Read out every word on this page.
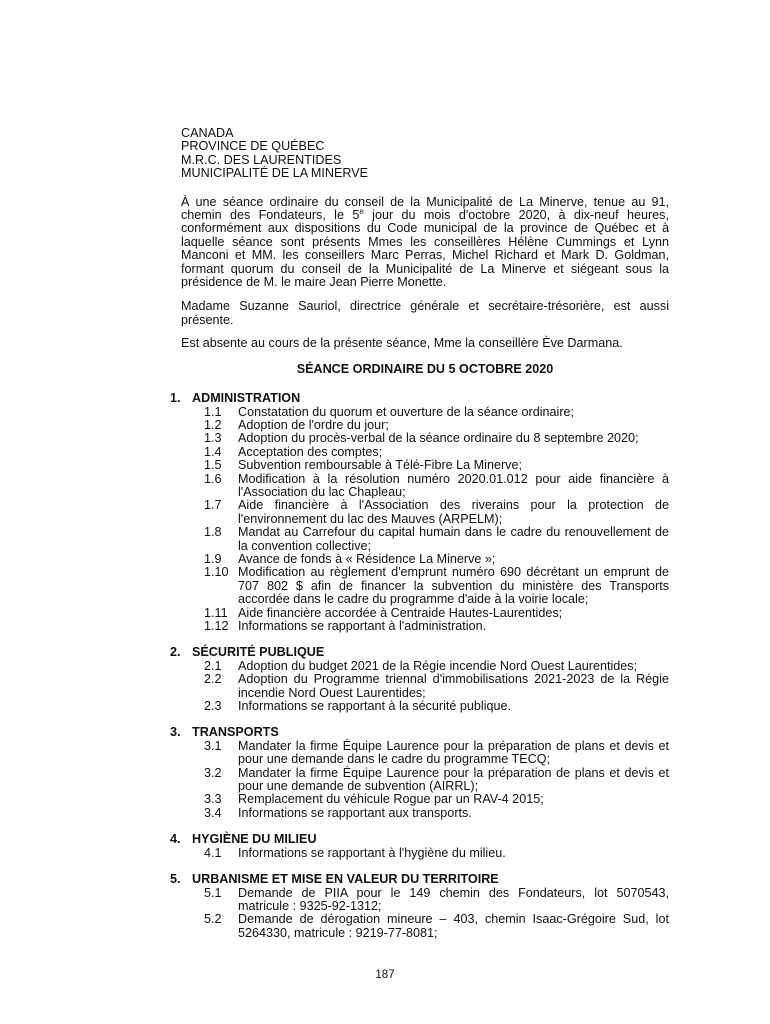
CANADA

PROVINCE DE QUÉBEC

M.R.C. DES LAURENTIDES

MUNICIPALITÉ DE LA MINERVE

À une séance ordinaire du conseil de la Municipalité de La Minerve, tenue au 91, chemin des Fondateurs, le 5e jour du mois d'octobre 2020, à dix-neuf heures, conformément aux dispositions du Code municipal de la province de Québec et à laquelle séance sont présents Mmes les conseillères Hélène Cummings et Lynn Manconi et MM. les conseillers Marc Perras, Michel Richard et Mark D. Goldman, formant quorum du conseil de la Municipalité de La Minerve et siégeant sous la présidence de M. le maire Jean Pierre Monette.

Madame Suzanne Sauriol, directrice générale et secrétaire-trésorière, est aussi présente.

Est absente au cours de la présente séance, Mme la conseillère Ève Darmana.

SÉANCE ORDINAIRE DU 5 OCTOBRE 2020

1. ADMINISTRATION
1.1 Constatation du quorum et ouverture de la séance ordinaire;
1.2 Adoption de l'ordre du jour;
1.3 Adoption du procès-verbal de la séance ordinaire du 8 septembre 2020;
1.4 Acceptation des comptes;
1.5 Subvention remboursable à Télé-Fibre La Minerve;
1.6 Modification à la résolution numéro 2020.01.012 pour aide financière à l'Association du lac Chapleau;
1.7 Aide financière à l'Association des riverains pour la protection de l'environnement du lac des Mauves (ARPELM);
1.8 Mandat au Carrefour du capital humain dans le cadre du renouvellement de la convention collective;
1.9 Avance de fonds à « Résidence La Minerve »;
1.10 Modification au règlement d'emprunt numéro 690 décrétant un emprunt de 707 802 $ afin de financer la subvention du ministère des Transports accordée dans le cadre du programme d'aide à la voirie locale;
1.11 Aide financière accordée à Centraide Hautes-Laurentides;
1.12 Informations se rapportant à l'administration.
2. SÉCURITÉ PUBLIQUE
2.1 Adoption du budget 2021 de la Régie incendie Nord Ouest Laurentides;
2.2 Adoption du Programme triennal d'immobilisations 2021-2023 de la Régie incendie Nord Ouest Laurentides;
2.3 Informations se rapportant à la sécurité publique.
3. TRANSPORTS
3.1 Mandater la firme Équipe Laurence pour la préparation de plans et devis et pour une demande dans le cadre du programme TECQ;
3.2 Mandater la firme Équipe Laurence pour la préparation de plans et devis et pour une demande de subvention (AIRRL);
3.3 Remplacement du véhicule Rogue par un RAV-4 2015;
3.4 Informations se rapportant aux transports.
4. HYGIÈNE DU MILIEU
4.1 Informations se rapportant à l'hygiène du milieu.
5. URBANISME ET MISE EN VALEUR DU TERRITOIRE
5.1 Demande de PIIA pour le 149 chemin des Fondateurs, lot 5070543, matricule : 9325-92-1312;
5.2 Demande de dérogation mineure – 403, chemin Isaac-Grégoire Sud, lot 5264330, matricule : 9219-77-8081;
187
